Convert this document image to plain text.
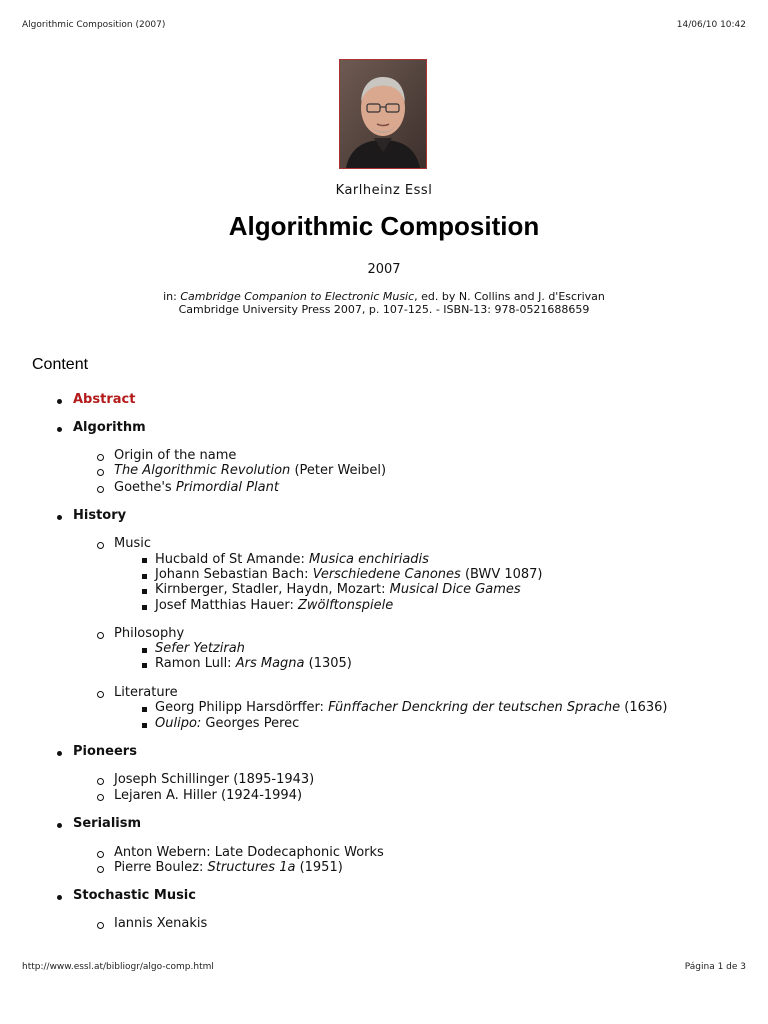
Algorithmic Composition (2007)	14/06/10 10:42
Karlheinz Essl
Algorithmic Composition
2007
in: Cambridge Companion to Electronic Music, ed. by N. Collins and J. d'Escrivan
Cambridge University Press 2007, p. 107-125. - ISBN-13: 978-0521688659
Content
Abstract
Algorithm
Origin of the name
The Algorithmic Revolution (Peter Weibel)
Goethe's Primordial Plant
History
Music
Hucbald of St Amande: Musica enchiriadis
Johann Sebastian Bach: Verschiedene Canones (BWV 1087)
Kirnberger, Stadler, Haydn, Mozart: Musical Dice Games
Josef Matthias Hauer: Zwölftonspiele
Philosophy
Sefer Yetzirah
Ramon Lull: Ars Magna (1305)
Literature
Georg Philipp Harsdörffer: Fünffacher Denckring der teutschen Sprache (1636)
Oulipo: Georges Perec
Pioneers
Joseph Schillinger (1895-1943)
Lejaren A. Hiller (1924-1994)
Serialism
Anton Webern: Late Dodecaphonic Works
Pierre Boulez: Structures 1a (1951)
Stochastic Music
Iannis Xenakis
http://www.essl.at/bibliogr/algo-comp.html	Página 1 de 3
